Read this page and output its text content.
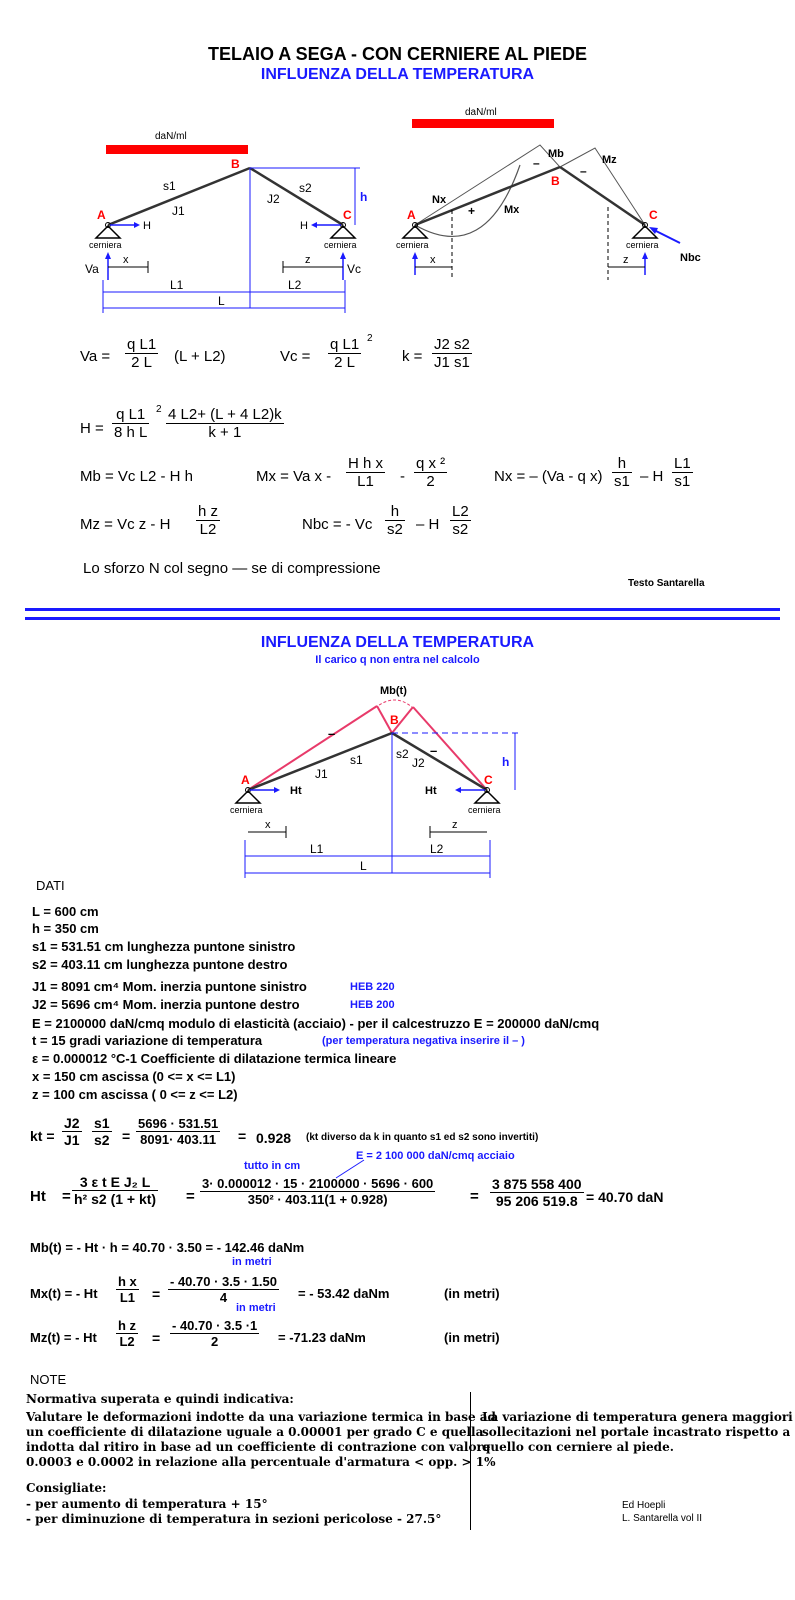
TELAIO A SEGA - CON CERNIERE AL PIEDE
INFLUENZA DELLA TEMPERATURA
daN/ml
h
B
A	C
s1
J1
s2
J2
cerniera	cerniera
H	H
Va	Vc
x	z
L1	L2
L
daN/ml
Mb	Mz
Mx
Nx
–
–
+
B
A	C
cerniera	cerniera
Nbc
x	z
$Va = \frac{\text{q L1}}{2 L} (L + L2)$	$Vc = \frac{\text{q L1}}{2 L} 2$
$k = \frac{J2 s2}{J1 s1}$
$H = \frac{\text{q L1}}{\text{8 h L}} 2 \frac{4 L2+ (L + 4 L2)k}{k + 1}$
Mb = Vc L2 - H h	Mx = Va x - $\frac{\text{H h x}}{L1} - \frac{\text{q x ²}}{2}$	Nx = – (Va - q $x) \frac{h}{s1}$ – H $\frac{L1}{s1}$
Mz = Vc z - H $\frac{\text{h z}}{L2}$	Nbc = - Vc $\frac{h}{s2}$ – H $\frac{L2}{s2}$
Lo sforzo N col segno — se di compressione
Testo Santarella
INFLUENZA DELLA TEMPERATURA
Il carico q non entra nel calcolo
Mb(t)
h
–
–
B
A	C
s1
J1
s2
J2
cerniera	cerniera
Ht	Ht
x	z
L1	L2
L
DATI
L = 600 cm
h = 350 cm
s1 = 531.51 cm lunghezza puntone sinistro
s2 = 403.11 cm lunghezza puntone destro
J1 = 8091 cm⁴ Mom. inerzia puntone sinistro	HEB 220
J2 = 5696 cm⁴ Mom. inerzia puntone destro	HEB 200
E = 2100000 daN/cmq modulo di elasticità (acciaio) - per il calcestruzzo E = 200000 daN/cmq
t = 15 gradi variazione di temperatura	(per temperatura negativa inserire il – )
ε = 0.000012 °C-1 Coefficiente di dilatazione termica lineare
x = 150 cm ascissa (0 <= x <= L1)
z = 100 cm ascissa ( 0 <= z <= L2)
kt = $\frac{J2}{J1} \frac{s1}{s2} = \frac{5696 \cdot 531.51}{8091\cdot 403.11} = 0.928$ (kt diverso da k in quanto s1 ed s2 sono invertiti)
tutto in cm
E = 2 100 000 daN/cmq acciaio
$Ht = \frac{\text{3 ε t E J₂ L}}{\text{h² s2 (1 + kt)}} = \frac{3\cdot 0.000012 \cdot 15 \cdot 2100000 \cdot 5696 \cdot 600}{\text{350² · 403.11(1 + 0.928)}} = \frac{3 875 558 400}{95 206 519.8} = 40.70$ daN
Mb(t) = - Ht · h = 40.70 · 3.50 = - 142.46 daNm
in metri
Mx(t) = - Ht $\frac{\text{h x}}{L1} = \frac{- 40.70 \cdot 3.5 \cdot 1.50}{4}$ = - 53.42 daNm	(in metri)
in metri
Mz(t) = - Ht $\frac{\text{h z}}{L2} = \frac{- 40.70 \cdot 3.5 \cdot 1}{2} = -71.23$ daNm	(in metri)
NOTE
Normativa superata e quindi indicativa:
Valutare le deformazioni indotte da una variazione termica in base ad
un coefficiente di dilatazione uguale a 0.00001 per grado C e quella
indotta dal ritiro in base ad un coefficiente di contrazione con valore
0.0003 e 0.0002 in relazione alla percentuale d'armatura < opp. > 1%
Consigliate:
- per aumento di temperatura + 15°
- per diminuzione di temperatura in sezioni pericolose - 27.5°
La variazione di temperatura genera maggiori
sollecitazioni nel portale incastrato rispetto a
quello con cerniere al piede.
Ed Hoepli
L. Santarella vol II
